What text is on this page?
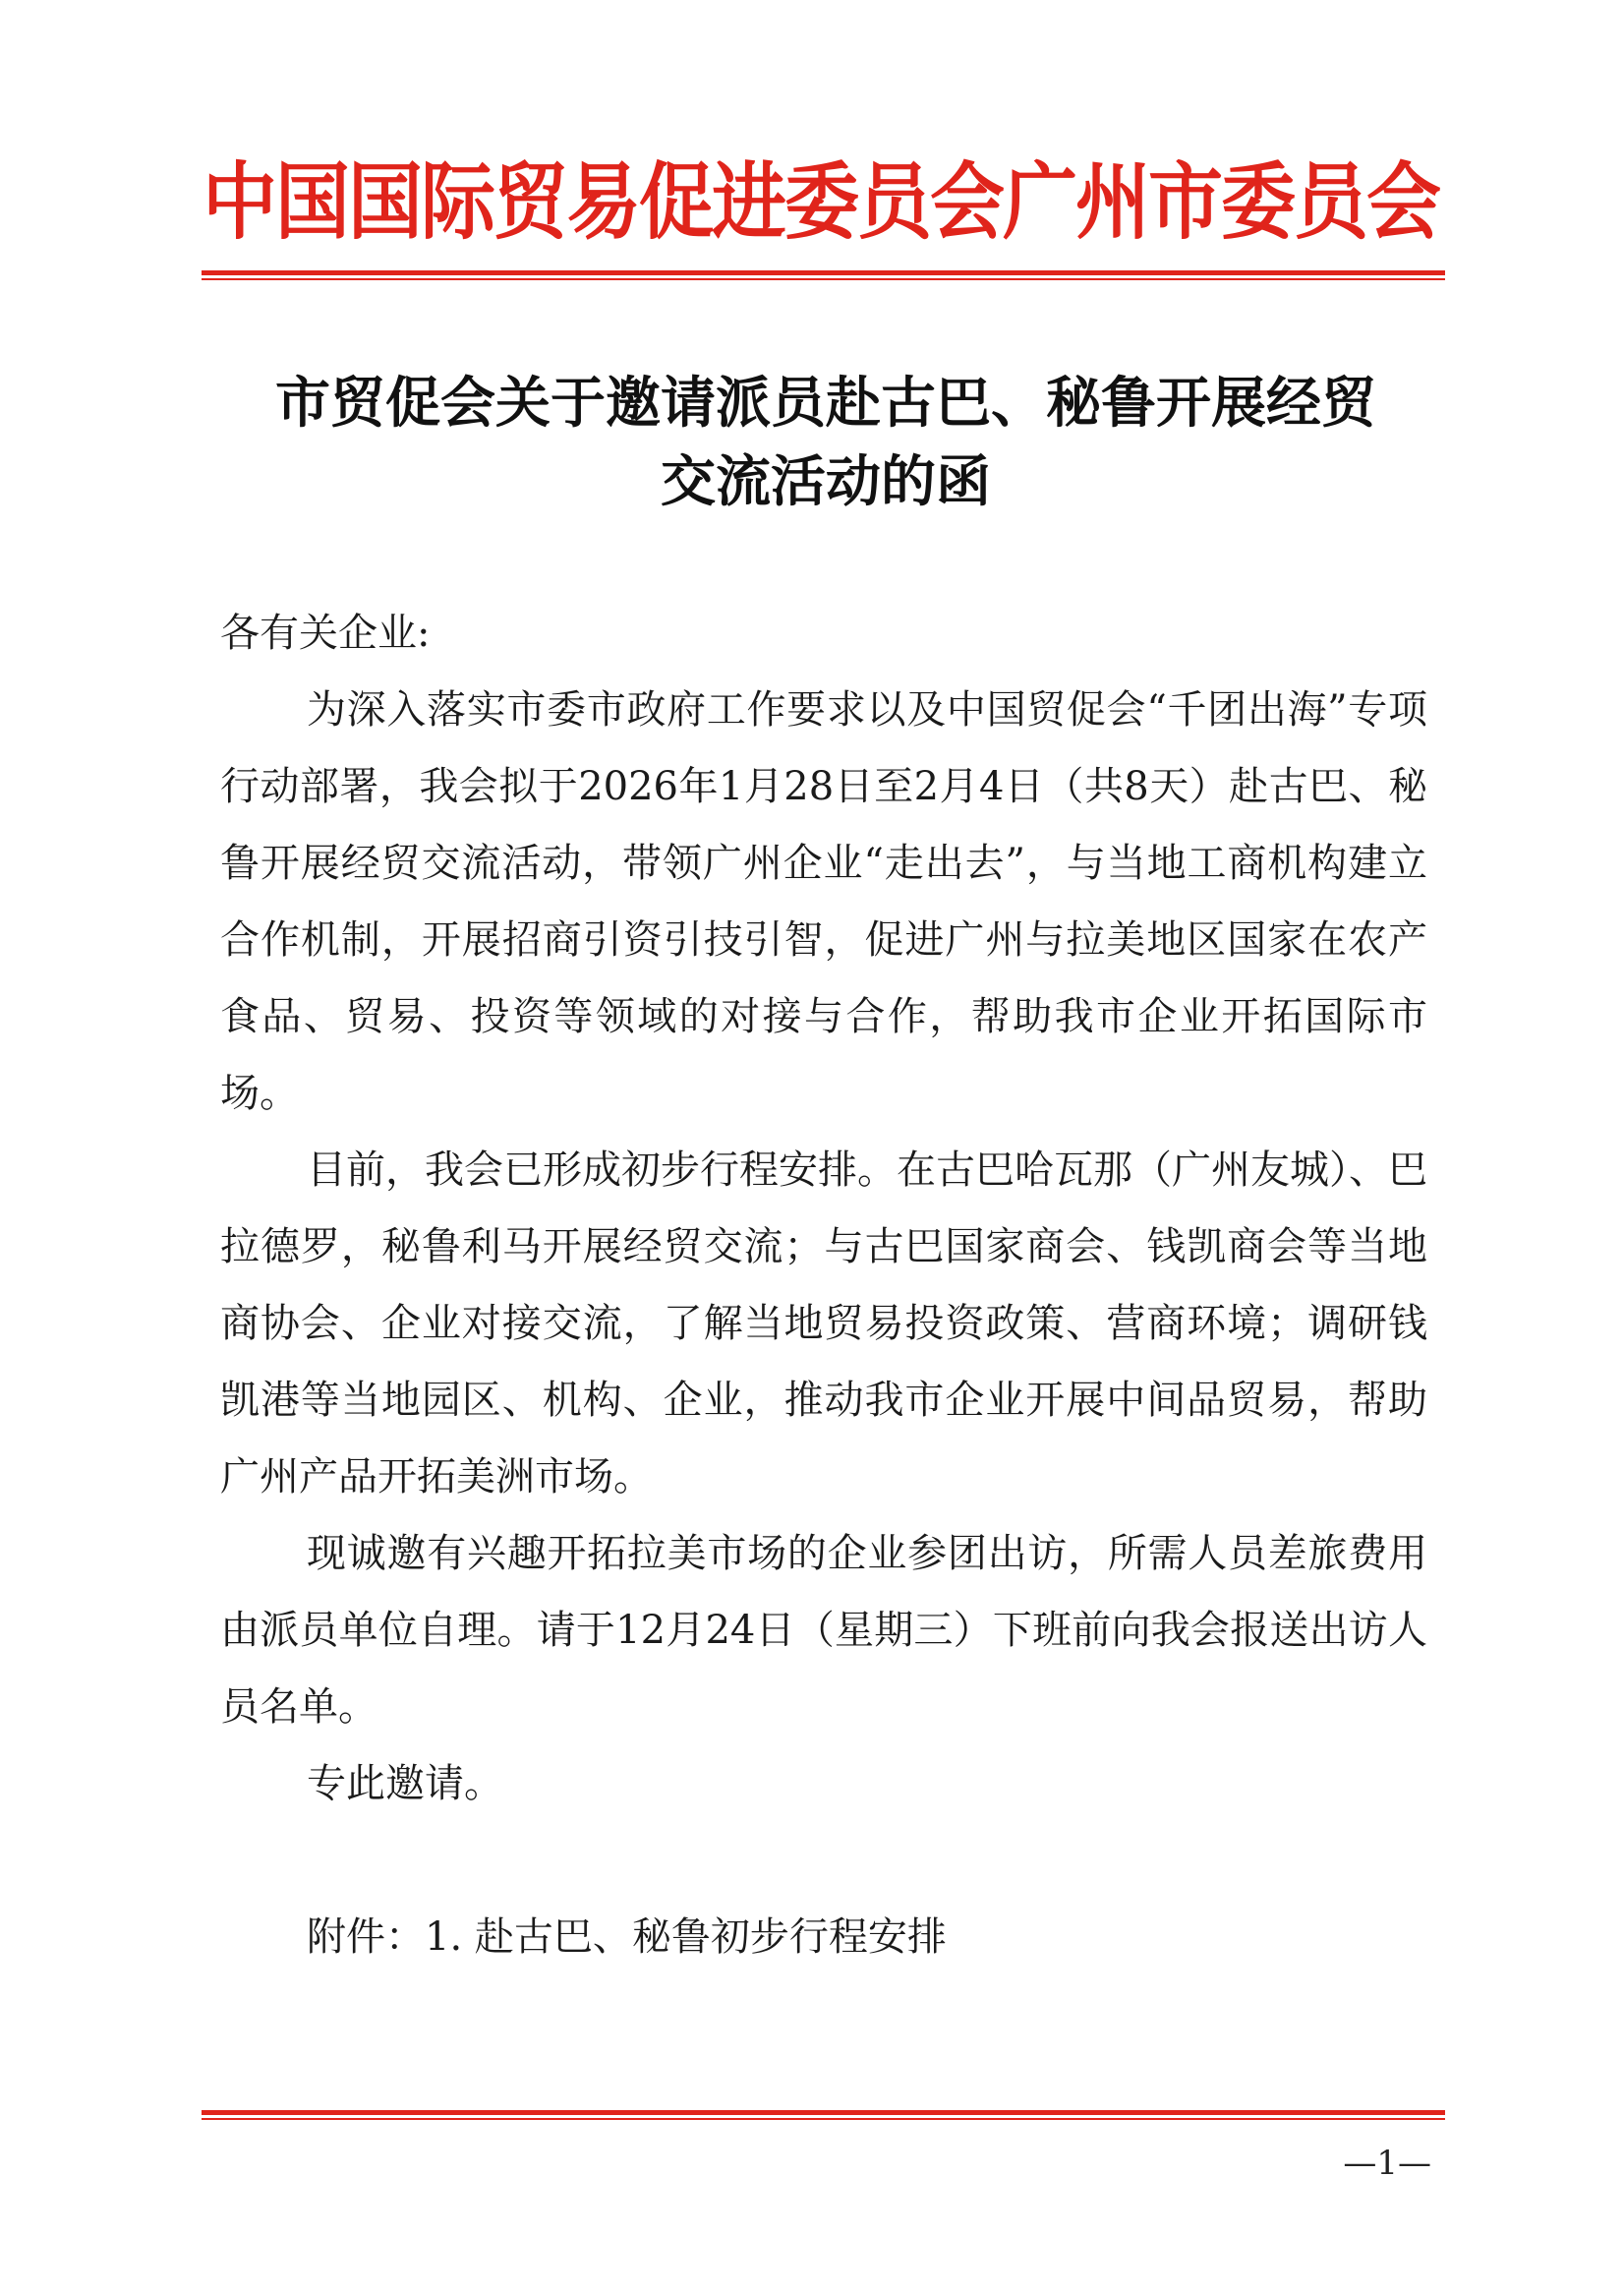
中国国际贸易促进委员会广州市委员会
市贸促会关于邀请派员赴古巴、秘鲁开展经贸
交流活动的函

各有关企业:

为深入落实市委市政府工作要求以及中国贸促会“千团出海”专项行动部署，我会拟于2026年1月28日至2月4日（共8天）赴古巴、秘鲁开展经贸交流活动，带领广州企业“走出去”，与当地工商机构建立合作机制，开展招商引资引技引智，促进广州与拉美地区国家在农产食品、贸易、投资等领域的对接与合作，帮助我市企业开拓国际市场。

目前，我会已形成初步行程安排。在古巴哈瓦那（广州友城）、巴拉德罗，秘鲁利马开展经贸交流；与古巴国家商会、钱凯商会等当地商协会、企业对接交流，了解当地贸易投资政策、营商环境；调研钱凯港等当地园区、机构、企业，推动我市企业开展中间品贸易，帮助广州产品开拓美洲市场。

现诚邀有兴趣开拓拉美市场的企业参团出访，所需人员差旅费用由派员单位自理。请于12月24日（星期三）下班前向我会报送出访人员名单。

专此邀请。

附件：1. 赴古巴、秘鲁初步行程安排

—1—
